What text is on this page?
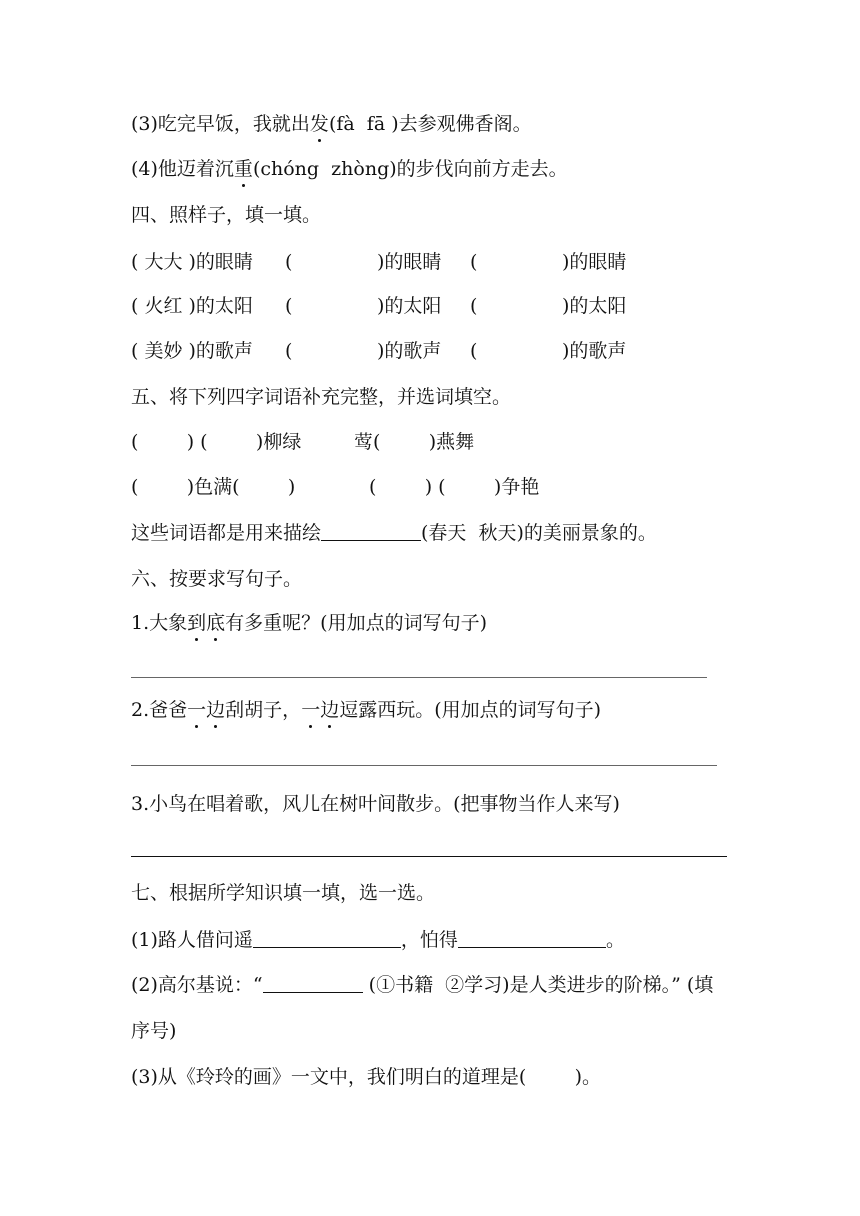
(3)吃完早饭，我就出发(fà  fā )去参观佛香阁。
(4)他迈着沉重(chóng  zhòng)的步伐向前方走去。
四、照样子，填一填。
( 大大 )的眼睛 (              )的眼睛 (              )的眼睛
( 火红 )的太阳 (              )的太阳 (              )的太阳
( 美妙 )的歌声 (              )的歌声 (              )的歌声
五、将下列四字词语补充完整，并选词填空。
(        ) (        )柳绿	莺(        )燕舞
(        )色满(        )	(        ) (        )争艳
这些词语都是用来描绘	(春天  秋天)的美丽景象的。
六、按要求写句子。
1.大象到底有多重呢？(用加点的词写句子)
2.爸爸一边刮胡子，一边逗露西玩。(用加点的词写句子)
3.小鸟在唱着歌，风儿在树叶间散步。(把事物当作人来写)
七、根据所学知识填一填，选一选。
(1)路人借问遥	，怕得	。
(2)高尔基说：“	(①书籍  ②学习)是人类进步的阶梯。” (填
序号)
(3)从《玲玲的画》一文中，我们明白的道理是(        )。
